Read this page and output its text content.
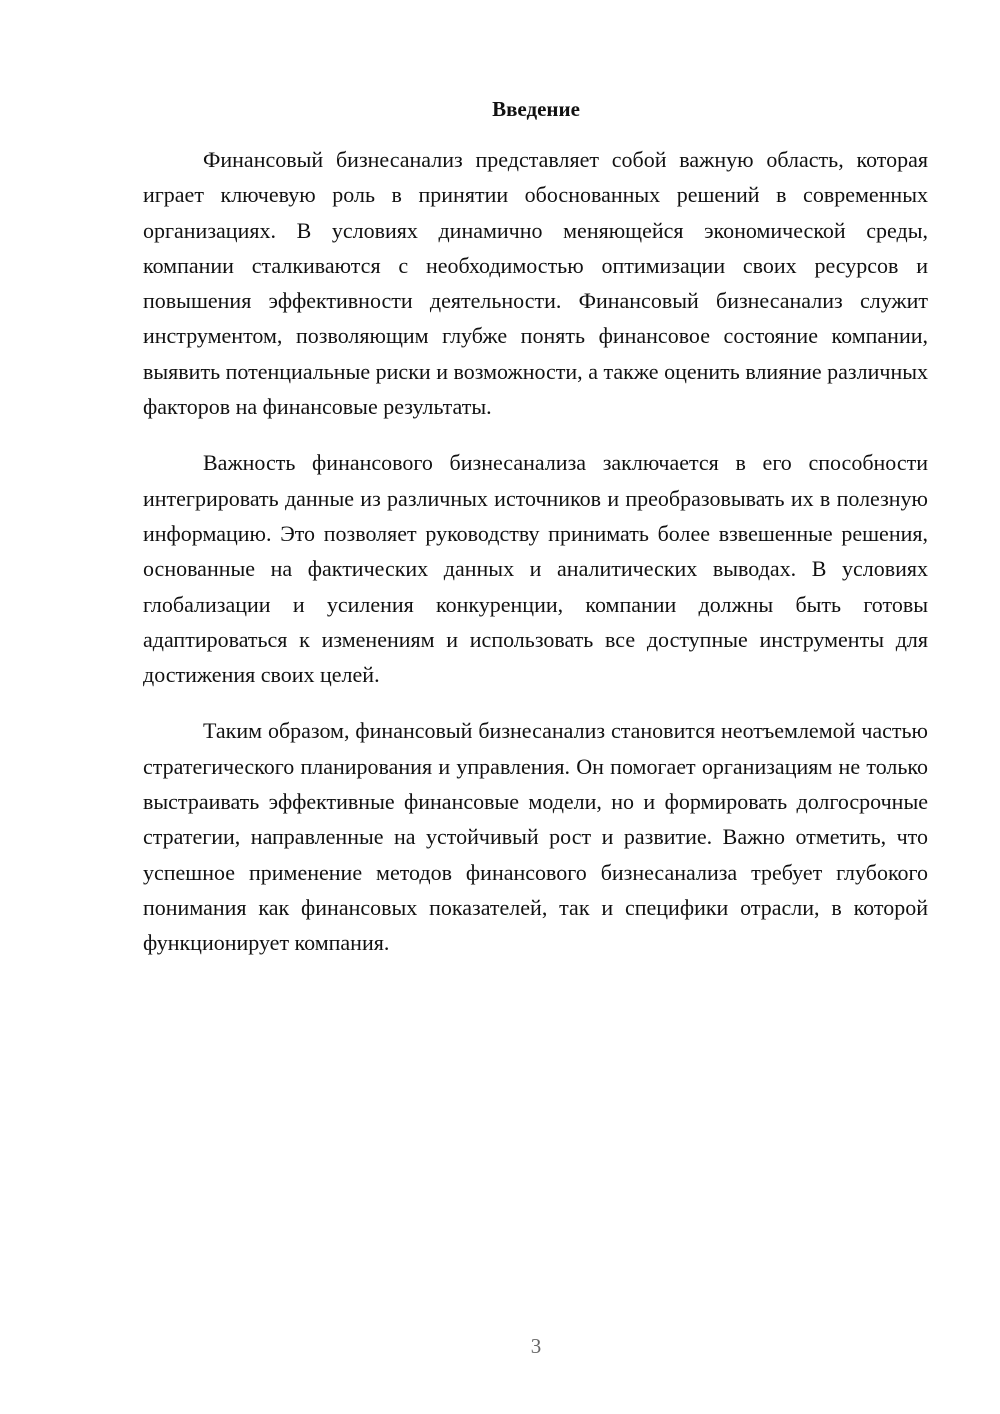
Введение

Финансовый бизнесанализ представляет собой важную область, которая играет ключевую роль в принятии обоснованных решений в современных организациях. В условиях динамично меняющейся экономической среды, компании сталкиваются с необходимостью оптимизации своих ресурсов и повышения эффективности деятельности. Финансовый бизнесанализ служит инструментом, позволяющим глубже понять финансовое состояние компании, выявить потенциальные риски и возможности, а также оценить влияние различных факторов на финансовые результаты.

Важность финансового бизнесанализа заключается в его способности интегрировать данные из различных источников и преобразовывать их в полезную информацию. Это позволяет руководству принимать более взвешенные решения, основанные на фактических данных и аналитических выводах. В условиях глобализации и усиления конкуренции, компании должны быть готовы адаптироваться к изменениям и использовать все доступные инструменты для достижения своих целей.

Таким образом, финансовый бизнесанализ становится неотъемлемой частью стратегического планирования и управления. Он помогает организациям не только выстраивать эффективные финансовые модели, но и формировать долгосрочные стратегии, направленные на устойчивый рост и развитие. Важно отметить, что успешное применение методов финансового бизнесанализа требует глубокого понимания как финансовых показателей, так и специфики отрасли, в которой функционирует компания.

3
